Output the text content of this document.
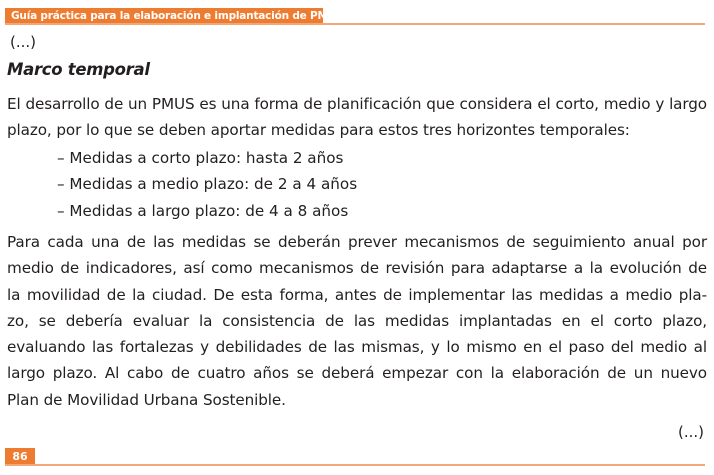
Guía práctica para la elaboración e implantación de PMUS
(...)
Marco temporal

El desarrollo de un PMUS es una forma de planificación que considera el corto, medio y largo plazo, por lo que se deben aportar medidas para estos tres horizontes temporales:

– Medidas a corto plazo: hasta 2 años
– Medidas a medio plazo: de 2 a 4 años
– Medidas a largo plazo: de 4 a 8 años
Para cada una de las medidas se deberán prever mecanismos de seguimiento anual por
medio de indicadores, así como mecanismos de revisión para adaptarse a la evolución de
la movilidad de la ciudad. De esta forma, antes de implementar las medidas a medio pla-
zo, se debería evaluar la consistencia de las medidas implantadas en el corto plazo,
evaluando las fortalezas y debilidades de las mismas, y lo mismo en el paso del medio al
largo plazo. Al cabo de cuatro años se deberá empezar con la elaboración de un nuevo
Plan de Movilidad Urbana Sostenible.
(...)
86
